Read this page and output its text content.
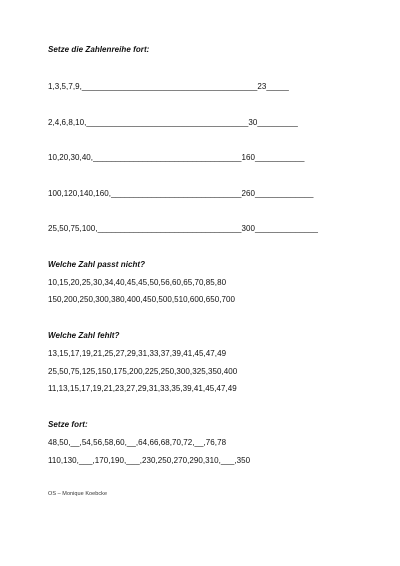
Setze die Zahlenreihe fort:
1,3,5,7,9,_______________________________________23_____
2,4,6,8,10,____________________________________30_________
10,20,30,40,_________________________________160___________
100,120,140,160,_____________________________260_____________
25,50,75,100,________________________________300______________
Welche Zahl passt nicht?
10,15,20,25,30,34,40,45,45,50,56,60,65,70,85,80
150,200,250,300,380,400,450,500,510,600,650,700
Welche Zahl fehlt?
13,15,17,19,21,25,27,29,31,33,37,39,41,45,47,49
25,50,75,125,150,175,200,225,250,300,325,350,400
11,13,15,17,19,21,23,27,29,31,33,35,39,41,45,47,49
Setze fort:
48,50,__,54,56,58,60,__,64,66,68,70,72,__,76,78
110,130,___,170,190,___,230,250,270,290,310,___,350
OS – Monique Koebcke
